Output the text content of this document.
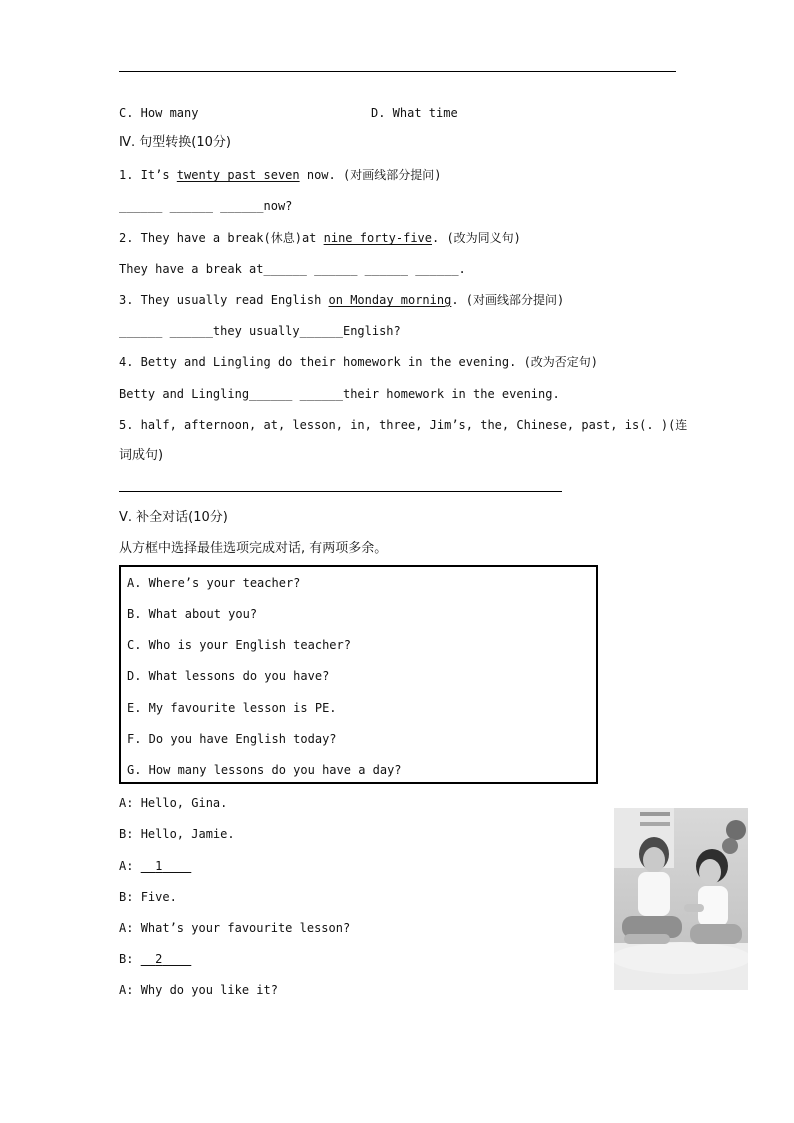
C. How many	D. What time
Ⅳ. 句型转换(10分)
1. It’s twenty past seven now. (对画线部分提问)
______ ______ ______now?
2. They have a break(休息)at nine forty-five. (改为同义句)
They have a break at______ ______ ______ ______.
3. They usually read English on Monday morning. (对画线部分提问)
______ ______they usually______English?
4. Betty and Lingling do their homework in the evening. (改为否定句)
Betty and Lingling______ ______their homework in the evening.
5. half, afternoon, at, lesson, in, three, Jim’s, the, Chinese, past, is(. )(连
词成句)
Ⅴ. 补全对话(10分)
从方框中选择最佳选项完成对话, 有两项多余。
A. Where’s your teacher?
B. What about you?
C. Who is your English teacher?
D. What lessons do you have?
E. My favourite lesson is PE.
F. Do you have English today?
G. How many lessons do you have a day?
A: Hello, Gina.
B: Hello, Jamie.
A:   1
B: Five.
A: What’s your favourite lesson?
B:   2
A: Why do you like it?
